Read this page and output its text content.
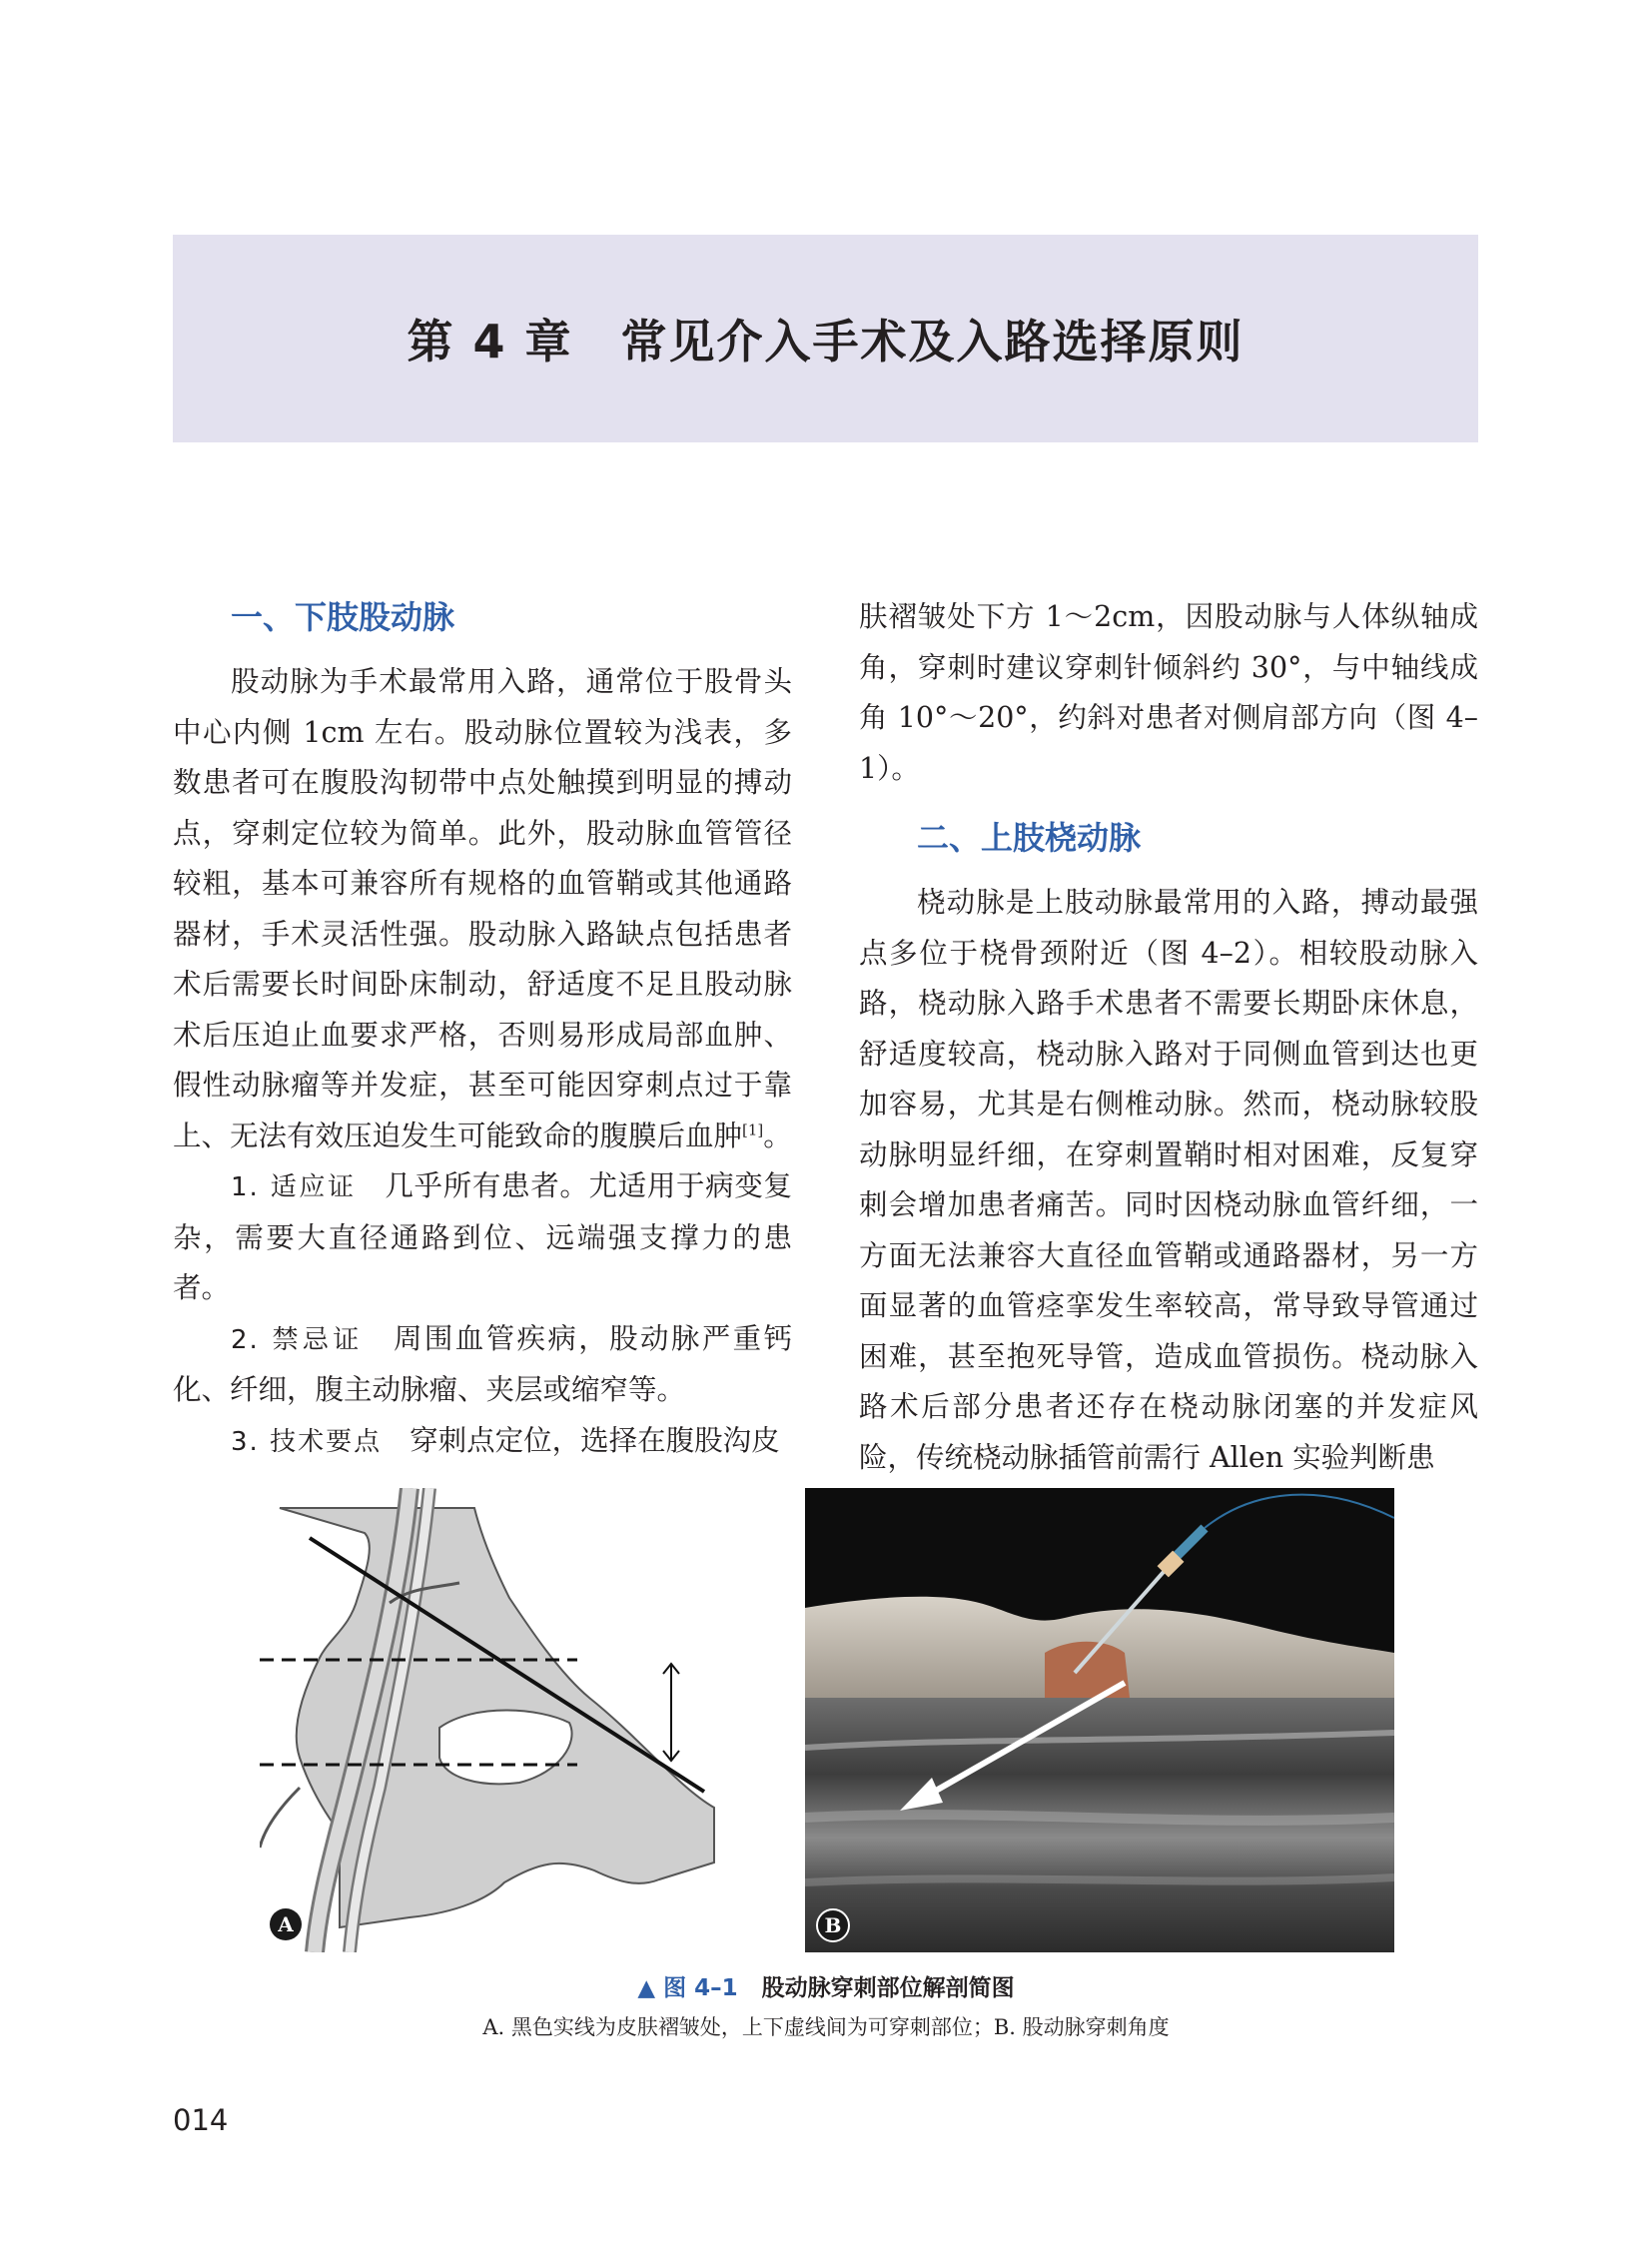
第 4 章 常见介入手术及入路选择原则
一、下肢股动脉

股动脉为手术最常用入路，通常位于股骨头中心内侧 1cm 左右。股动脉位置较为浅表，多数患者可在腹股沟韧带中点处触摸到明显的搏动点，穿刺定位较为简单。此外，股动脉血管管径较粗，基本可兼容所有规格的血管鞘或其他通路器材，手术灵活性强。股动脉入路缺点包括患者术后需要长时间卧床制动，舒适度不足且股动脉术后压迫止血要求严格，否则易形成局部血肿、假性动脉瘤等并发症，甚至可能因穿刺点过于靠上、无法有效压迫发生可能致命的腹膜后血肿[1]。

1. 适应证 几乎所有患者。尤适用于病变复杂，需要大直径通路到位、远端强支撑力的患者。

2. 禁忌证 周围血管疾病，股动脉严重钙化、纤细，腹主动脉瘤、夹层或缩窄等。

3. 技术要点 穿刺点定位，选择在腹股沟皮

肤褶皱处下方 1～2cm，因股动脉与人体纵轴成角，穿刺时建议穿刺针倾斜约 30°，与中轴线成角 10°～20°，约斜对患者对侧肩部方向（图 4–1）。

二、上肢桡动脉

桡动脉是上肢动脉最常用的入路，搏动最强点多位于桡骨颈附近（图 4–2）。相较股动脉入路，桡动脉入路手术患者不需要长期卧床休息，舒适度较高，桡动脉入路对于同侧血管到达也更加容易，尤其是右侧椎动脉。然而，桡动脉较股动脉明显纤细，在穿刺置鞘时相对困难，反复穿刺会增加患者痛苦。同时因桡动脉血管纤细，一方面无法兼容大直径血管鞘或通路器材，另一方面显著的血管痉挛发生率较高，常导致导管通过困难，甚至抱死导管，造成血管损伤。桡动脉入路术后部分患者还存在桡动脉闭塞的并发症风险，传统桡动脉插管前需行 Allen 实验判断患

A	B
▲ 图 4–1 股动脉穿刺部位解剖简图
A. 黑色实线为皮肤褶皱处，上下虚线间为可穿刺部位；B. 股动脉穿刺角度
014
